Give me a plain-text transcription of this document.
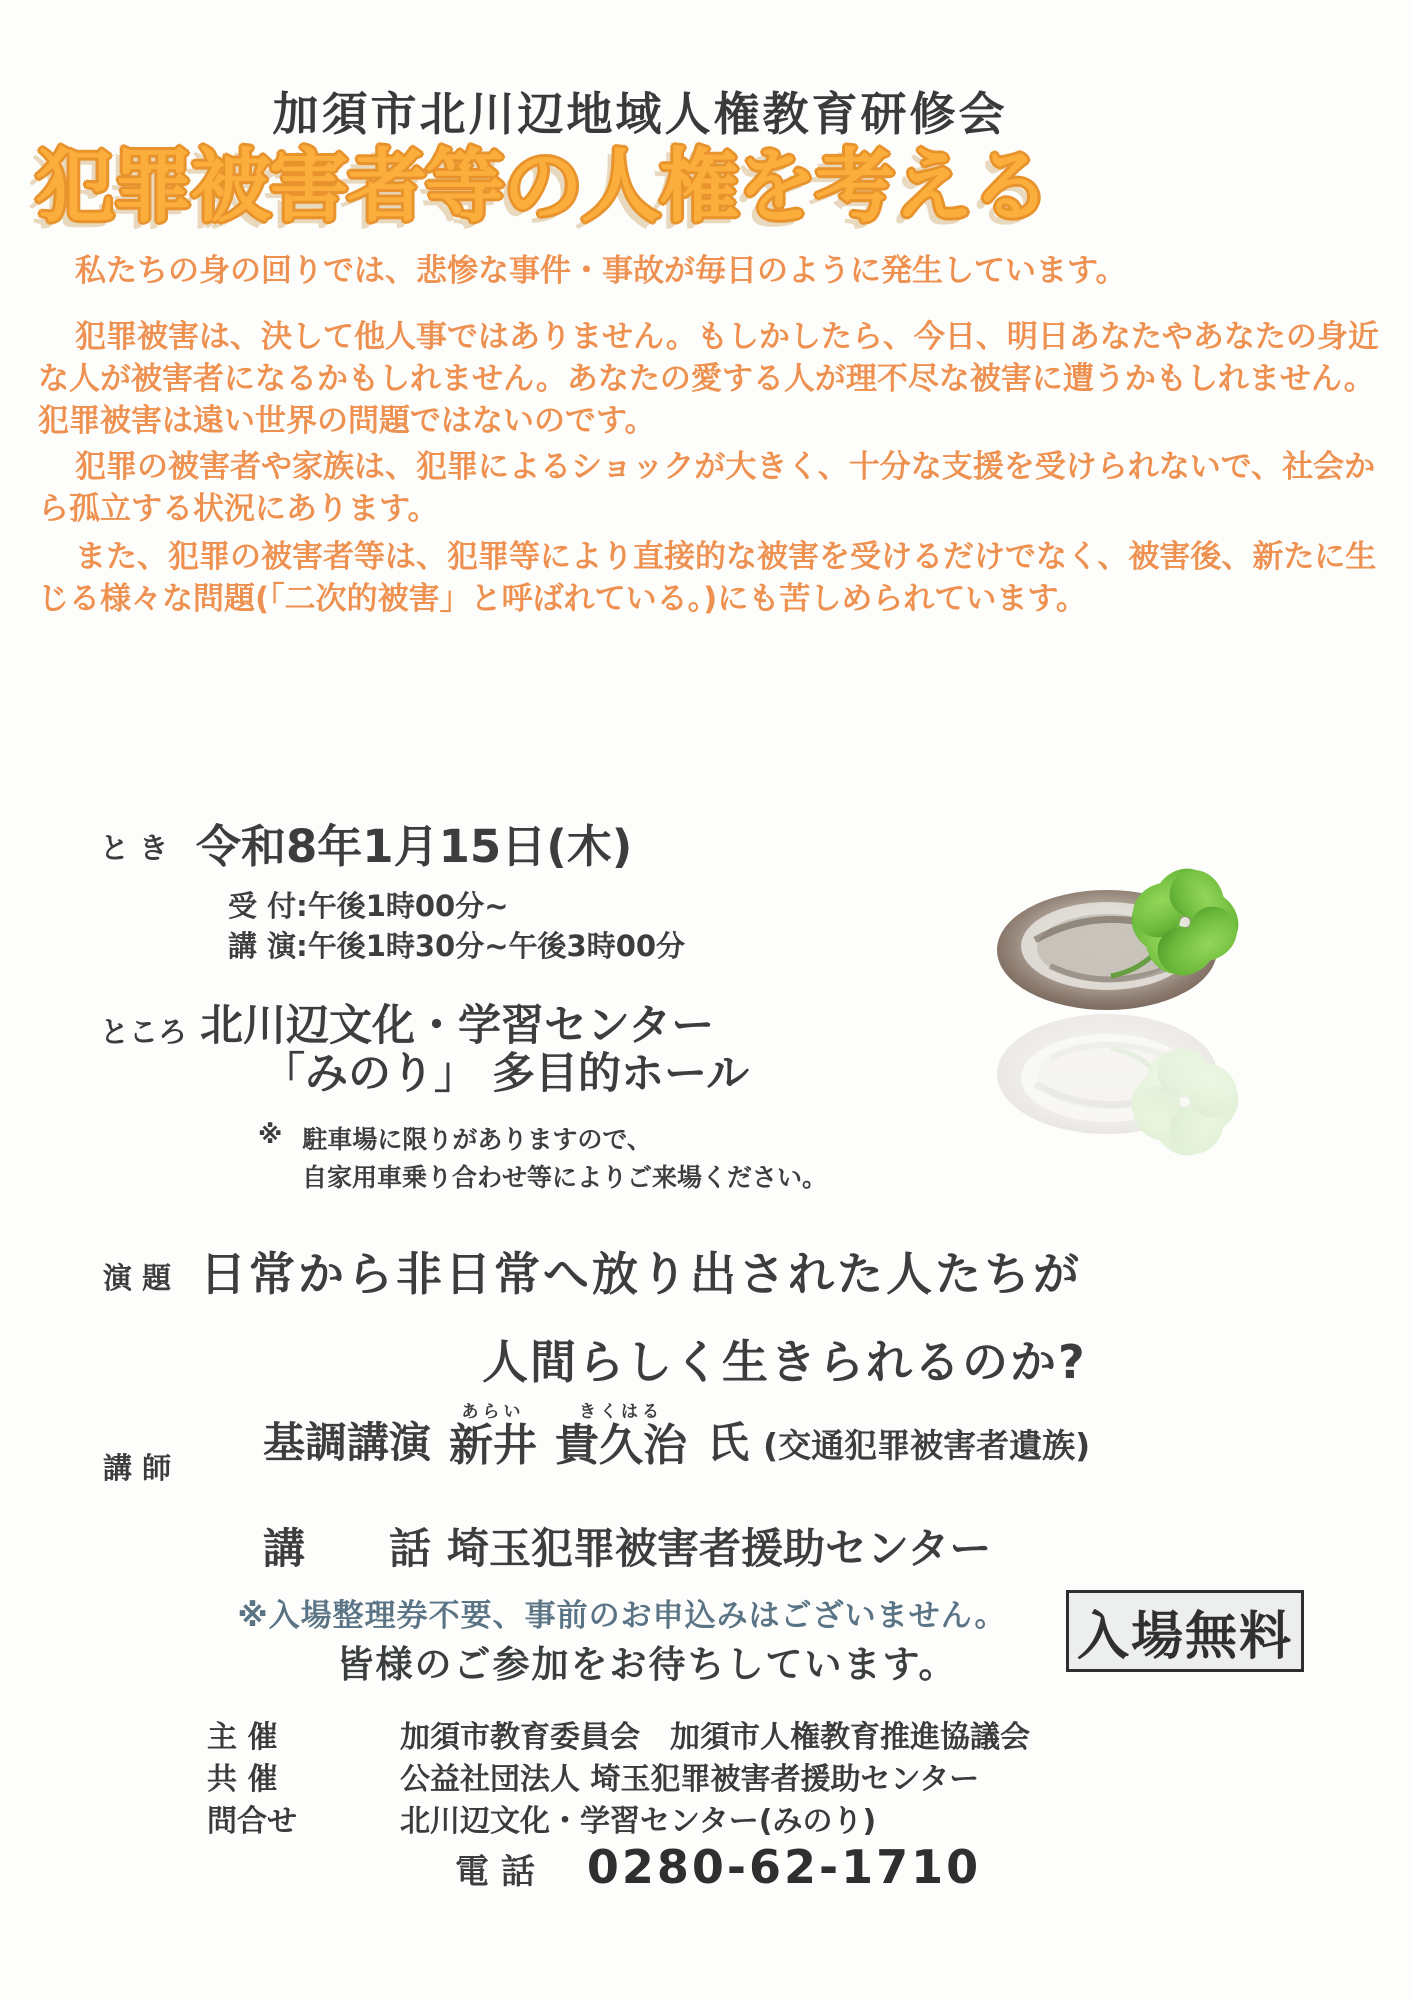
加須市北川辺地域人権教育研修会
犯罪被害者等の人権を考える
私たちの身の回りでは、悲惨な事件・事故が毎日のように発生しています。
犯罪被害は、決して他人事ではありません。もしかしたら、今日、明日あなたやあなたの身近な人が被害者になるかもしれません。あなたの愛する人が理不尽な被害に遭うかもしれません。犯罪被害は遠い世界の問題ではないのです。
犯罪の被害者や家族は、犯罪によるショックが大きく、十分な支援を受けられないで、社会から孤立する状況にあります。
また、犯罪の被害者等は、犯罪等により直接的な被害を受けるだけでなく、被害後、新たに生じる様々な問題(「二次的被害」と呼ばれている。)にも苦しめられています。
と き 令和8年1月15日(木)
受 付:午後1時00分~
講 演:午後1時30分~午後3時00分
ところ 北川辺文化・学習センター
「みのり」 多目的ホール
※ 駐車場に限りがありますので、
自家用車乗り合わせ等によりご来場ください。
演 題 日常から非日常へ放り出された人たちが
人間らしく生きられるのか?
講 師
基調講演
あらい
新井
きくはる
貴久治 氏 (交通犯罪被害者遺族)
講　　話 埼玉犯罪被害者援助センター
※入場整理券不要、事前のお申込みはございません。
皆様のご参加をお待ちしています。	入場無料
主 催	加須市教育委員会　加須市人権教育推進協議会
共 催	公益社団法人 埼玉犯罪被害者援助センター
問合せ	北川辺文化・学習センター(みのり)
電 話 0280-62-1710
